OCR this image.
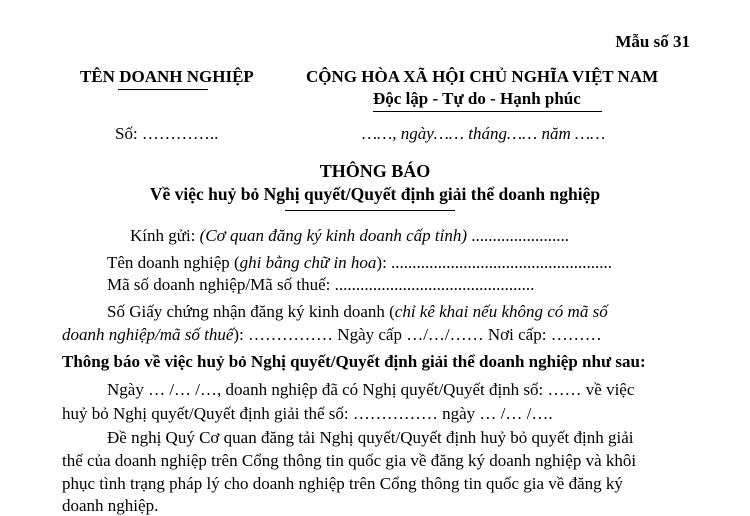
Mẫu số 31
TÊN DOANH NGHIỆP	CỘNG HÒA XÃ HỘI CHỦ NGHĨA VIỆT NAM
Độc lập - Tự do - Hạnh phúc
Số: …………..	……, ngày…… tháng…… năm ……
THÔNG BÁO
Về việc huỷ bỏ Nghị quyết/Quyết định giải thể doanh nghiệp
Kính gửi: (Cơ quan đăng ký kinh doanh cấp tỉnh) .......................
Tên doanh nghiệp (ghi bằng chữ in hoa): ....................................................
Mã số doanh nghiệp/Mã số thuế: ...............................................
Số Giấy chứng nhận đăng ký kinh doanh (chỉ kê khai nếu không có mã số
doanh nghiệp/mã số thuế): …………… Ngày cấp …/…/…… Nơi cấp: ………
Thông báo về việc huỷ bỏ Nghị quyết/Quyết định giải thể doanh nghiệp như sau:
Ngày … /… /…, doanh nghiệp đã có Nghị quyết/Quyết định số: …… về việc
huỷ bỏ Nghị quyết/Quyết định giải thể số: …………… ngày … /… /….
Đề nghị Quý Cơ quan đăng tải Nghị quyết/Quyết định huỷ bỏ quyết định giải
thể của doanh nghiệp trên Cổng thông tin quốc gia về đăng ký doanh nghiệp và khôi
phục tình trạng pháp lý cho doanh nghiệp trên Cổng thông tin quốc gia về đăng ký
doanh nghiệp.
